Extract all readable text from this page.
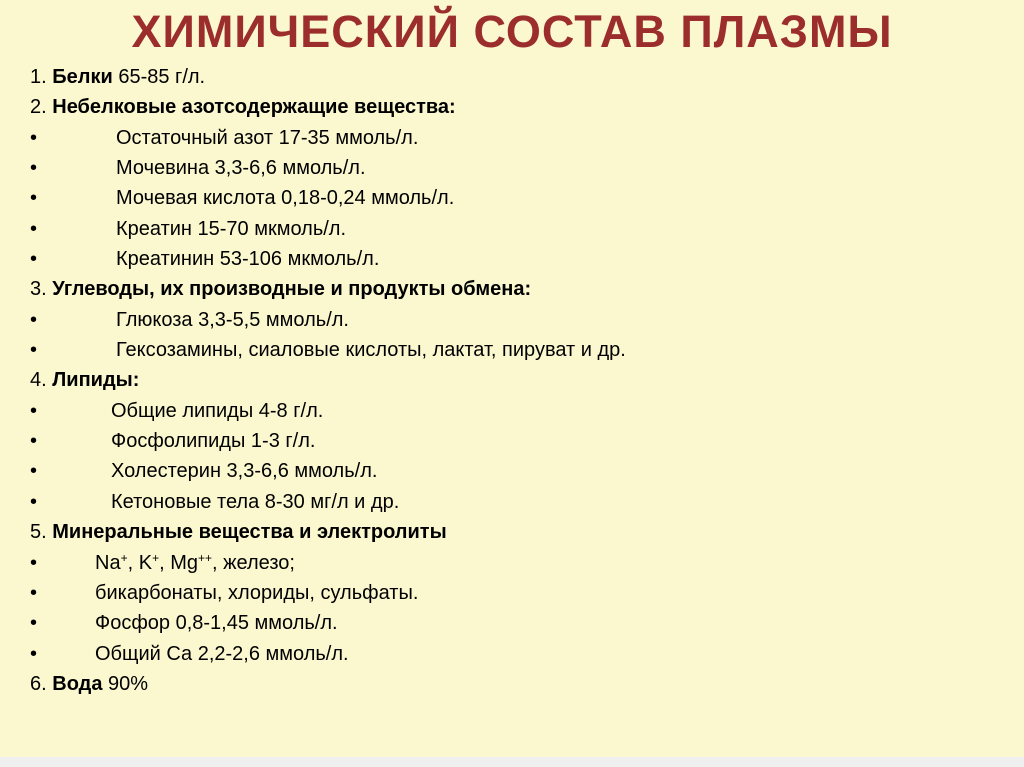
ХИМИЧЕСКИЙ СОСТАВ ПЛАЗМЫ
1. Белки 65-85 г/л.
2. Небелковые азотсодержащие вещества:
•	Остаточный азот 17-35 ммоль/л.
•	Мочевина 3,3-6,6 ммоль/л.
•	Мочевая кислота 0,18-0,24 ммоль/л.
•	Креатин 15-70 мкмоль/л.
•	Креатинин 53-106 мкмоль/л.
3. Углеводы, их производные и продукты обмена:
•	Глюкоза 3,3-5,5 ммоль/л.
•	Гексозамины, сиаловые кислоты, лактат, пируват и др.
4. Липиды:
•	Общие липиды 4-8 г/л.
•	Фосфолипиды 1-3 г/л.
•	Холестерин 3,3-6,6 ммоль/л.
•	Кетоновые тела 8-30 мг/л и др.
5. Минеральные вещества и электролиты
•	Na+, K+, Mg++, железо;
•	бикарбонаты, хлориды, сульфаты.
•	Фосфор 0,8-1,45 ммоль/л.
•	Общий Са 2,2-2,6 ммоль/л.
6. Вода 90%
